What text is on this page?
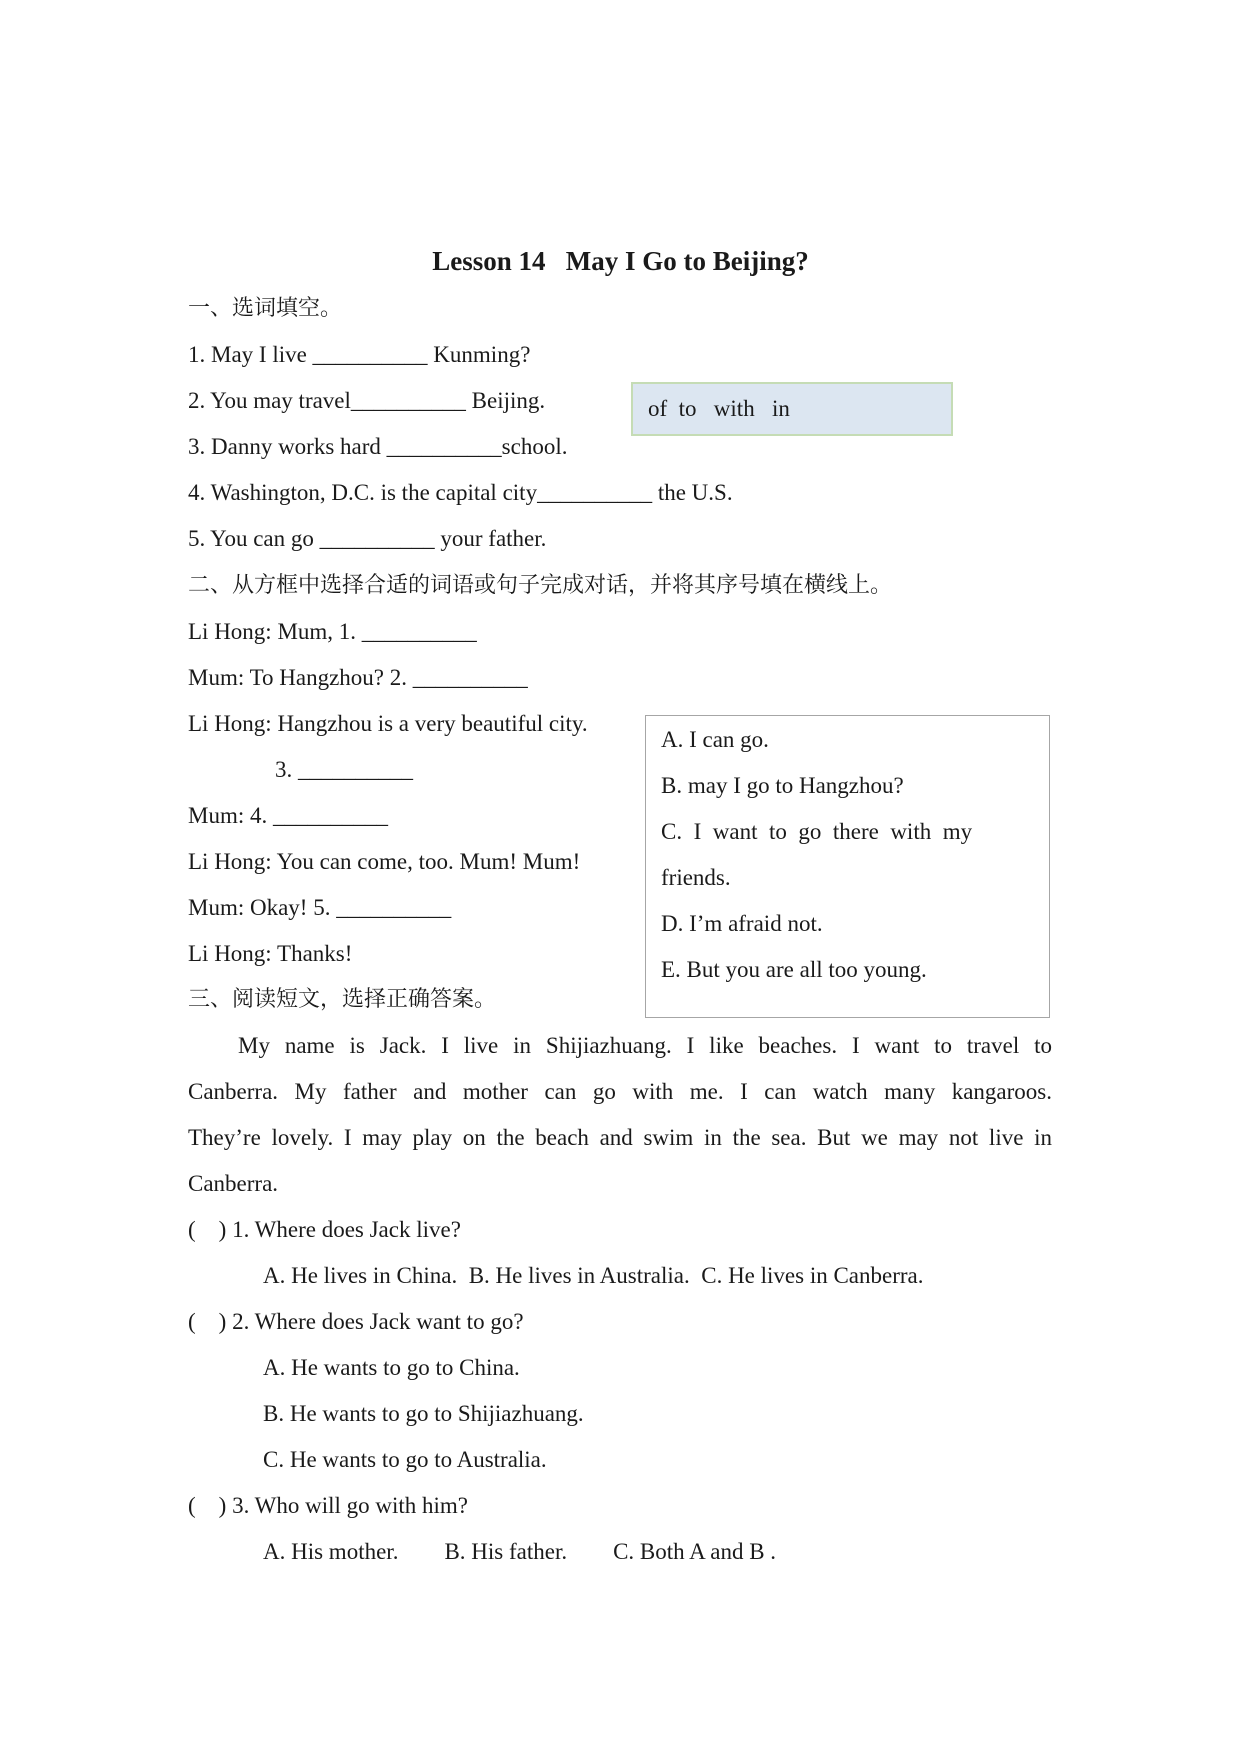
Lesson 14   May I Go to Beijing?
一、选词填空。
1. May I live __________ Kunming?
2. You may travel__________ Beijing.
3. Danny works hard __________school.
4. Washington, D.C. is the capital city__________ the U.S.
5. You can go __________ your father.
of  to   with   in
二、从方框中选择合适的词语或句子完成对话，并将其序号填在横线上。
Li Hong: Mum, 1. __________
Mum: To Hangzhou? 2. __________
Li Hong: Hangzhou is a very beautiful city.
3. __________
Mum: 4. __________
Li Hong: You can come, too. Mum! Mum!
Mum: Okay! 5. __________
Li Hong: Thanks!
A. I can go.
B. may I go to Hangzhou?
C.  I  want  to  go  there  with  my
friends.
D. I’m afraid not.
E. But you are all too young.
三、阅读短文，选择正确答案。
My name is Jack. I live in Shijiazhuang. I like beaches. I want to travel to
Canberra. My father and mother can go with me. I can watch many kangaroos.
They’re lovely. I may play on the beach and swim in the sea. But we may not live in
Canberra.
(    ) 1. Where does Jack live?
A. He lives in China.  B. He lives in Australia.  C. He lives in Canberra.
(    ) 2. Where does Jack want to go?
A. He wants to go to China.
B. He wants to go to Shijiazhuang.
C. He wants to go to Australia.
(    ) 3. Who will go with him?
A. His mother.        B. His father.        C. Both A and B .
